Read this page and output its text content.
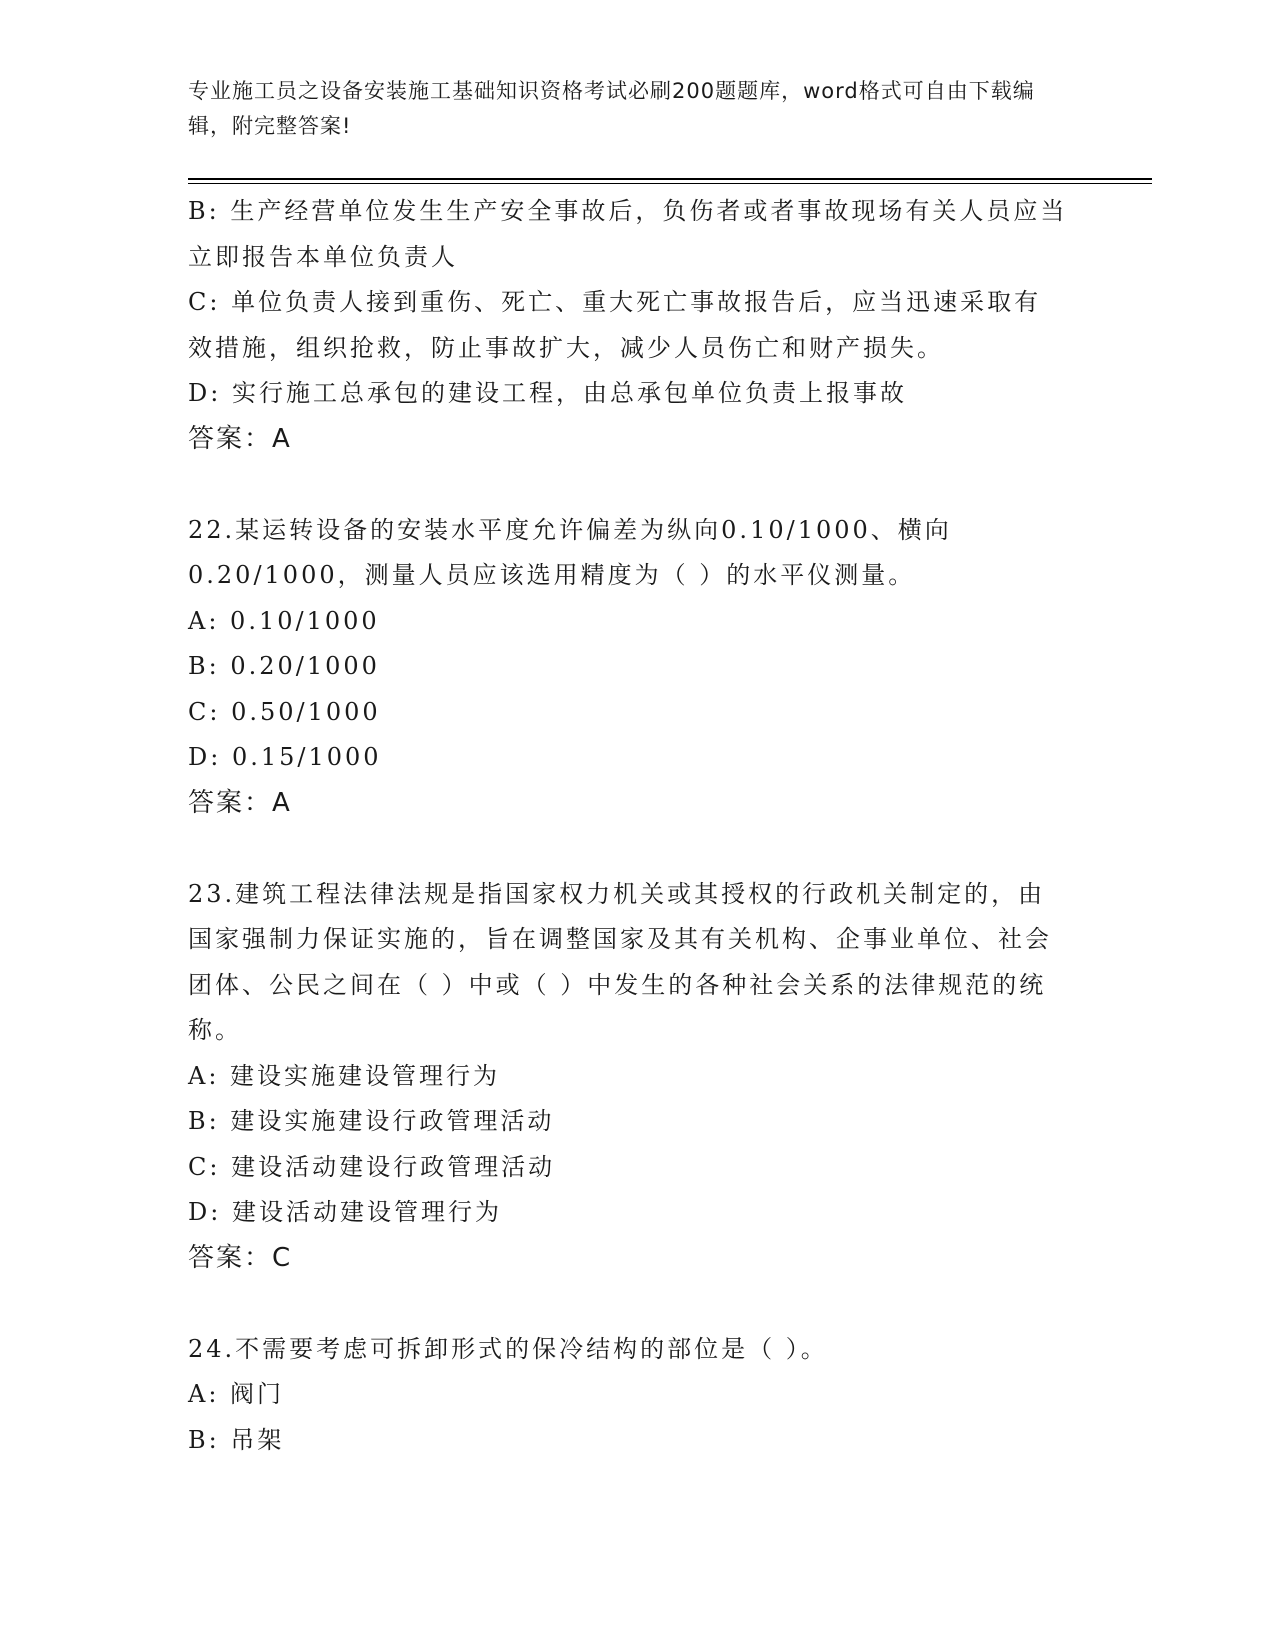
专业施工员之设备安装施工基础知识资格考试必刷200题题库，word格式可自由下载编辑，附完整答案!
B: 生产经营单位发生生产安全事故后，负伤者或者事故现场有关人员应当立即报告本单位负责人
C: 单位负责人接到重伤、死亡、重大死亡事故报告后，应当迅速采取有效措施，组织抢救，防止事故扩大，减少人员伤亡和财产损失。
D: 实行施工总承包的建设工程，由总承包单位负责上报事故
答案：A
22.某运转设备的安装水平度允许偏差为纵向0.10/1000、横向0.20/1000，测量人员应该选用精度为（ ）的水平仪测量。
A: 0.10/1000
B: 0.20/1000
C: 0.50/1000
D: 0.15/1000
答案：A
23.建筑工程法律法规是指国家权力机关或其授权的行政机关制定的，由国家强制力保证实施的，旨在调整国家及其有关机构、企事业单位、社会团体、公民之间在（ ）中或（ ）中发生的各种社会关系的法律规范的统称。
A: 建设实施建设管理行为
B: 建设实施建设行政管理活动
C: 建设活动建设行政管理活动
D: 建设活动建设管理行为
答案：C
24.不需要考虑可拆卸形式的保冷结构的部位是（ ）。
A: 阀门
B: 吊架
